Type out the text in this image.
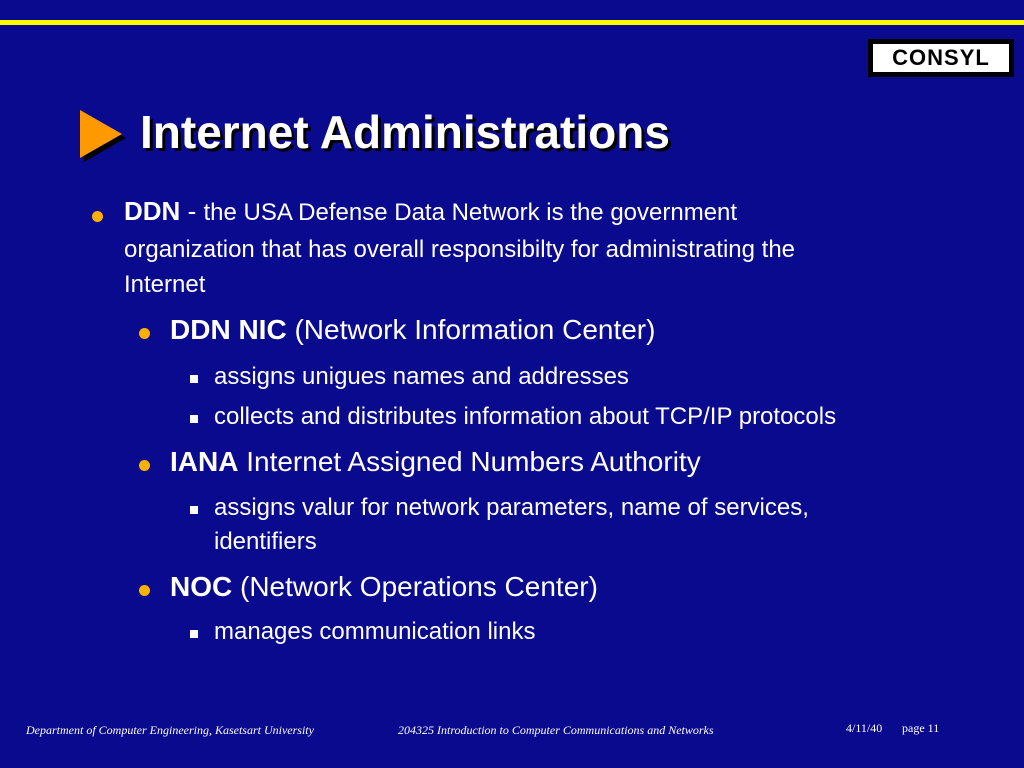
CONSYL
Internet Administrations
DDN - the USA Defense Data Network is the government
organization that has overall responsibilty for administrating the
Internet
DDN NIC (Network Information Center)
assigns unigues names and addresses
collects and distributes information about TCP/IP protocols
IANA Internet Assigned Numbers Authority
assigns valur for network parameters, name of services,
identifiers
NOC (Network Operations Center)
manages communication links
Department of Computer Engineering, Kasetsart University	204325 Introduction to Computer Communications and Networks	4/11/40 page 11
